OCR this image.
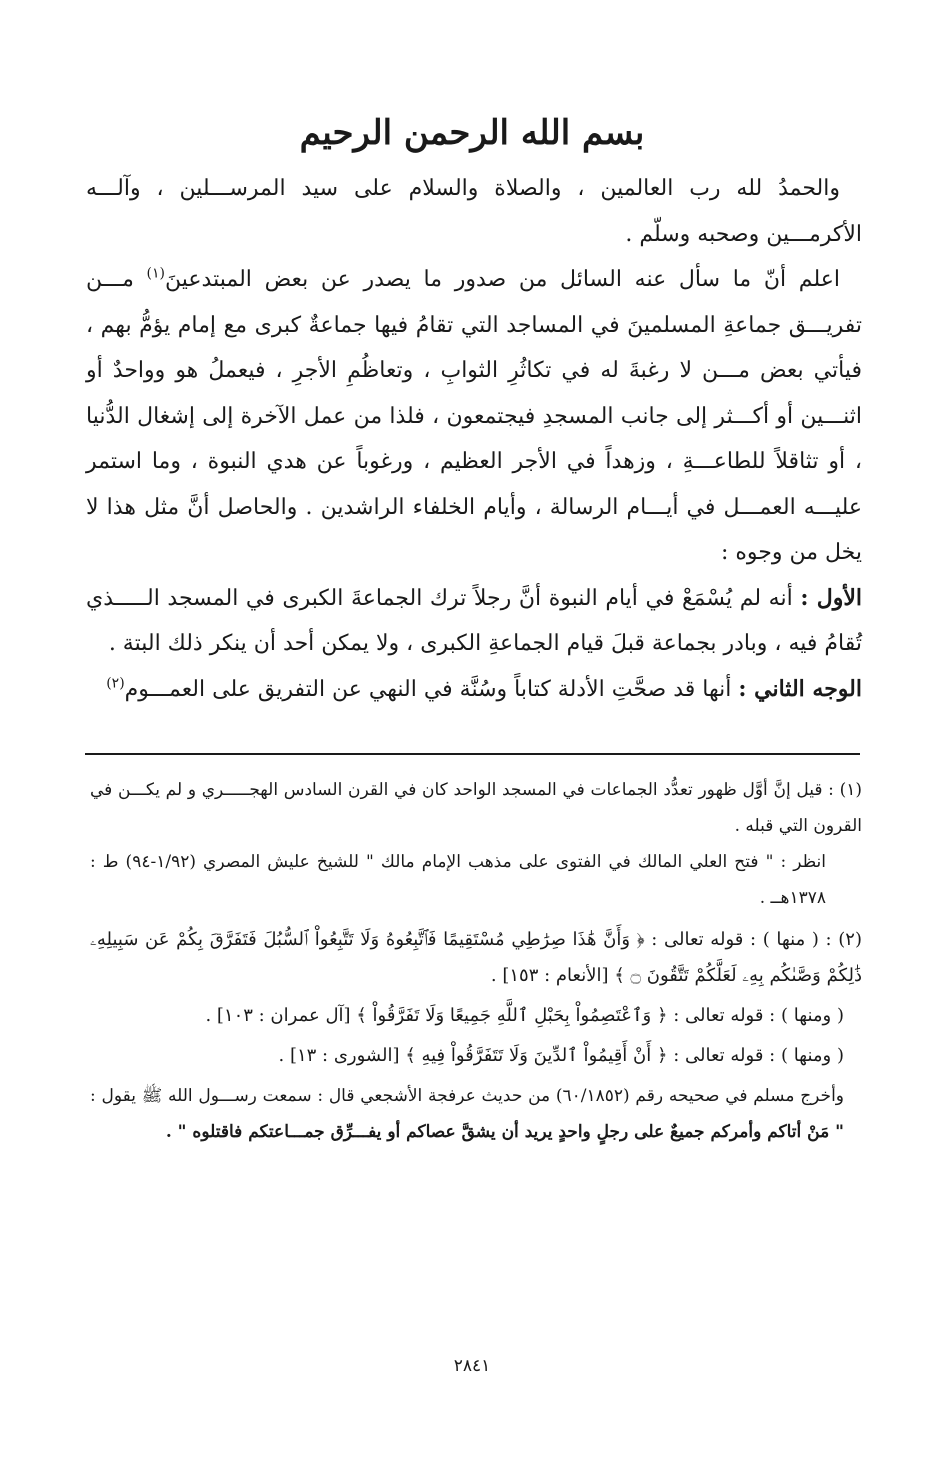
بسم الله الرحمن الرحيم

والحمدُ لله رب العالمين ، والصلاة والسلام على سيد المرســـلين ، وآلـــه الأكرمـــين وصحبه وسلّم .

اعلم أنّ ما سأل عنه السائل من صدور ما يصدر عن بعض المبتدعينَ$^{(١)}$ مـــن تفريـــق جماعةِ المسلمينَ في المساجد التي تقامُ فيها جماعةٌ كبرى مع إمام يؤمُّ بهم ، فيأتي بعض مـــن لا رغبةَ له في تكاثُرِ الثوابِ ، وتعاظُمِ الأجرِ ، فيعملُ هو وواحدٌ أو اثنـــين أو أكـــثر إلى جانب المسجدِ فيجتمعون ، فلذا من عمل الآخرة إلى إشغال الدُّنيا ، أو تثاقلاً للطاعـــةِ ، وزهداً في الأجر العظيم ، ورغوباً عن هدي النبوة ، وما استمر عليـــه العمـــل في أيـــام الرسالة ، وأيام الخلفاء الراشدين . والحاصل أنَّ مثل هذا لا يخل من وجوه :

الأول : أنه لم يُسْمَعْ في أيام النبوة أنَّ رجلاً ترك الجماعةَ الكبرى في المسجد الـــــذي تُقامُ فيه ، وبادر بجماعة قبلَ قيام الجماعةِ الكبرى ، ولا يمكن أحد أن ينكر ذلك البتة .

الوجه الثاني : أنها قد صحَّتِ الأدلة كتاباً وسُنَّة في النهي عن التفريق على العمـــوم$^{(٢)}$

(١) : قيل إنَّ أوَّل ظهور تعدُّد الجماعات في المسجد الواحد كان في القرن السادس الهجـــــري و لم يكـــن في القرون التي قبله .
انظر : " فتح العلي المالك في الفتوى على مذهب الإمام مالك " للشيخ عليش المصري (١/٩٢-٩٤) ط : ١٣٧٨هــ .
(٢) : ( منها ) : قوله تعالى : ﴿ وَأَنَّ هَٰذَا صِرَٰطِي مُسْتَقِيمًا فَٱتَّبِعُوهُ وَلَا تَتَّبِعُواْ ٱلسُّبُلَ فَتَفَرَّقَ بِكُمْ عَن سَبِيلِهِۦ ذَٰلِكُمْ وَصَّىٰكُم بِهِۦ لَعَلَّكُمْ تَتَّقُونَ ۝ ﴾ [الأنعام : ١٥٣] .
( ومنها ) : قوله تعالى : ﴿ وَٱعْتَصِمُواْ بِحَبْلِ ٱللَّهِ جَمِيعًا وَلَا تَفَرَّقُواْ ﴾ [آل عمران : ١٠٣] .
( ومنها ) : قوله تعالى : ﴿ أَنْ أَقِيمُواْ ٱلدِّينَ وَلَا تَتَفَرَّقُواْ فِيهِ ﴾ [الشورى : ١٣] .
وأخرج مسلم في صحيحه رقم (٦٠/١٨٥٢) من حديث عرفجة الأشجعي قال : سمعت رســـول الله ﷺ يقول : " مَنْ أتاكم وأمركم جميعٌ على رجلٍ واحدٍ يريد أن يشقَّ عصاكم أو يفـــرِّق جمـــاعتكم فاقتلوه " .
٢٨٤١
